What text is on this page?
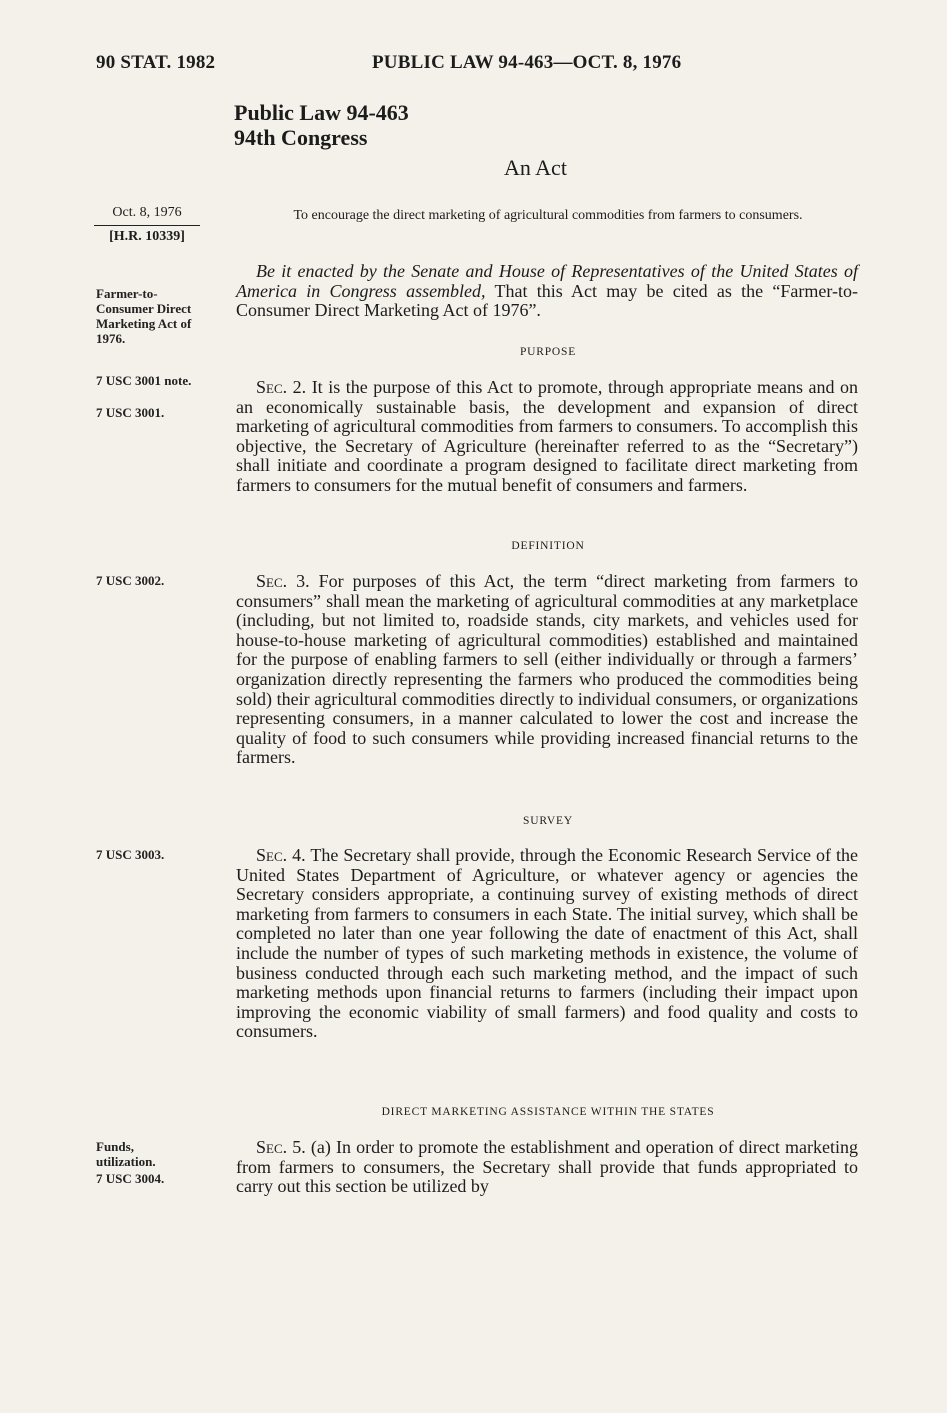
90 STAT. 1982	PUBLIC LAW 94-463—OCT. 8, 1976
Public Law 94-463
94th Congress
An Act
Oct. 8, 1976
[H.R. 10339]
To encourage the direct marketing of agricultural commodities from farmers to consumers.
Farmer-to-Consumer Direct Marketing Act of 1976.
7 USC 3001 note.
7 USC 3001.
7 USC 3002.
7 USC 3003.
Funds, utilization.
7 USC 3004.
Be it enacted by the Senate and House of Representatives of the United States of America in Congress assembled, That this Act may be cited as the “Farmer-to-Consumer Direct Marketing Act of 1976”.
PURPOSE
Sec. 2. It is the purpose of this Act to promote, through appropriate means and on an economically sustainable basis, the development and expansion of direct marketing of agricultural commodities from farmers to consumers. To accomplish this objective, the Secretary of Agriculture (hereinafter referred to as the “Secretary”) shall initiate and coordinate a program designed to facilitate direct marketing from farmers to consumers for the mutual benefit of consumers and farmers.
DEFINITION
Sec. 3. For purposes of this Act, the term “direct marketing from farmers to consumers” shall mean the marketing of agricultural commodities at any marketplace (including, but not limited to, roadside stands, city markets, and vehicles used for house-to-house marketing of agricultural commodities) established and maintained for the purpose of enabling farmers to sell (either individually or through a farmers’ organization directly representing the farmers who produced the commodities being sold) their agricultural commodities directly to individual consumers, or organizations representing consumers, in a manner calculated to lower the cost and increase the quality of food to such consumers while providing increased financial returns to the farmers.
SURVEY
Sec. 4. The Secretary shall provide, through the Economic Research Service of the United States Department of Agriculture, or whatever agency or agencies the Secretary considers appropriate, a continuing survey of existing methods of direct marketing from farmers to consumers in each State. The initial survey, which shall be completed no later than one year following the date of enactment of this Act, shall include the number of types of such marketing methods in existence, the volume of business conducted through each such marketing method, and the impact of such marketing methods upon financial returns to farmers (including their impact upon improving the economic viability of small farmers) and food quality and costs to consumers.
DIRECT MARKETING ASSISTANCE WITHIN THE STATES
Sec. 5. (a) In order to promote the establishment and operation of direct marketing from farmers to consumers, the Secretary shall provide that funds appropriated to carry out this section be utilized by
